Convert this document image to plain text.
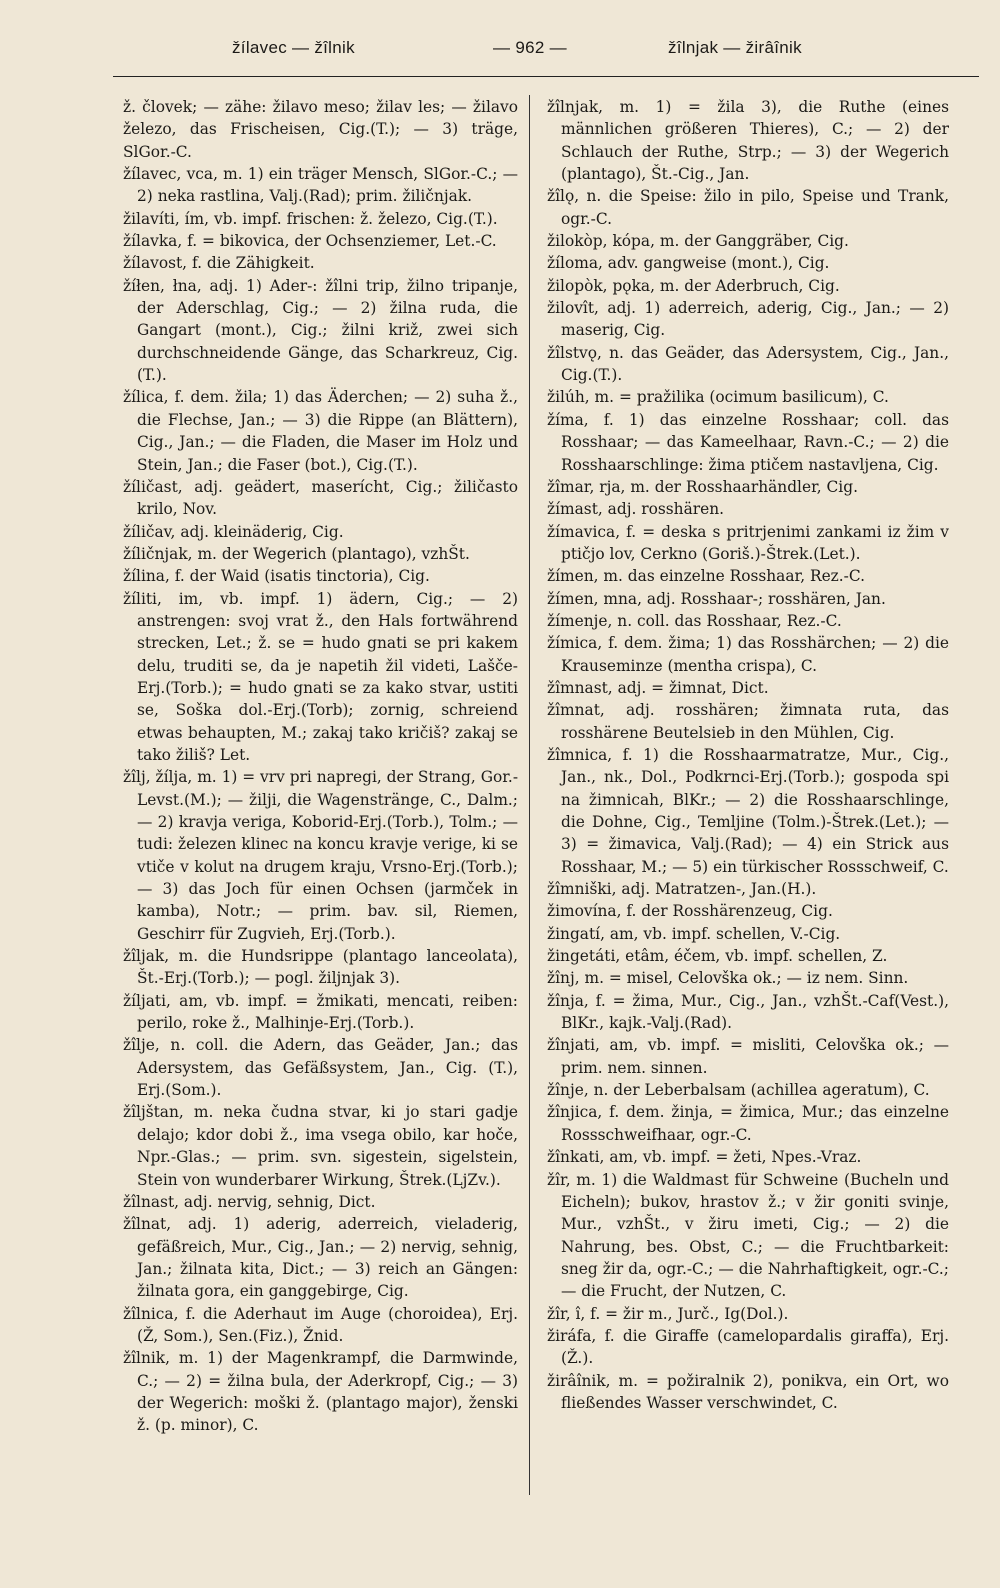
žílavec — žîlnik	— 962 —	žîlnjak — žirâînik

ž. človek; — zähe: žilavo meso; žilav les; — žilavo železo, das Frischeisen, Cig.(T.); — 3) träge, SlGor.-C.

žílavec, vca, m. 1) ein träger Mensch, SlGor.-C.; — 2) neka rastlina, Valj.(Rad); prim. žiličnjak.

žilavíti, ím, vb. impf. frischen: ž. železo, Cig.(T.).

žílavka, f. = bikovica, der Ochsenziemer, Let.-C.

žílavost, f. die Zähigkeit.

žíłen, łna, adj. 1) Ader-: žîlni trip, žilno tripanje, der Aderschlag, Cig.; — 2) žilna ruda, die Gangart (mont.), Cig.; žilni križ, zwei sich durchschneidende Gänge, das Scharkreuz, Cig.(T.).

žílica, f. dem. žila; 1) das Äderchen; — 2) suha ž., die Flechse, Jan.; — 3) die Rippe (an Blättern), Cig., Jan.; — die Fladen, die Maser im Holz und Stein, Jan.; die Faser (bot.), Cig.(T.).

žíličast, adj. geädert, maserícht, Cig.; žiličasto krilo, Nov.

žíličav, adj. kleinäderig, Cig.

žíličnjak, m. der Wegerich (plantago), vzhŠt.

žílina, f. der Waid (isatis tinctoria), Cig.

žíliti, im, vb. impf. 1) ädern, Cig.; — 2) anstrengen: svoj vrat ž., den Hals fortwährend strecken, Let.; ž. se = hudo gnati se pri kakem delu, truditi se, da je napetih žil videti, Lašče-Erj.(Torb.); = hudo gnati se za kako stvar, ustiti se, Soška dol.-Erj.(Torb); zornig, schreiend etwas behaupten, M.; zakaj tako kričiš? zakaj se tako žiliš? Let.

žîlj, žílja, m. 1) = vrv pri napregi, der Strang, Gor.-Levst.(M.); — žilji, die Wagenstränge, C., Dalm.; — 2) kravja veriga, Koborid-Erj.(Torb.), Tolm.; — tudi: železen klinec na koncu kravje verige, ki se vtiče v kolut na drugem kraju, Vrsno-Erj.(Torb.); — 3) das Joch für einen Ochsen (jarmček in kamba), Notr.; — prim. bav. sil, Riemen, Geschirr für Zugvieh, Erj.(Torb.).

žîljak, m. die Hundsrippe (plantago lanceolata), Št.-Erj.(Torb.); — pogl. žiljnjak 3).

žíljati, am, vb. impf. = žmikati, mencati, reiben: perilo, roke ž., Malhinje-Erj.(Torb.).

žîlje, n. coll. die Adern, das Geäder, Jan.; das Adersystem, das Gefäßsystem, Jan., Cig. (T.), Erj.(Som.).

žîljštan, m. neka čudna stvar, ki jo stari gadje delajo; kdor dobi ž., ima vsega obilo, kar hoče, Npr.-Glas.; — prim. svn. sigestein, sigelstein, Stein von wunderbarer Wirkung, Štrek.(LjZv.).

žîlnast, adj. nervig, sehnig, Dict.

žîlnat, adj. 1) aderig, aderreich, vieladerig, gefäßreich, Mur., Cig., Jan.; — 2) nervig, sehnig, Jan.; žilnata kita, Dict.; — 3) reich an Gängen: žilnata gora, ein ganggebirge, Cig.

žîlnica, f. die Aderhaut im Auge (choroidea), Erj.(Ž, Som.), Sen.(Fiz.), Žnid.

žîlnik, m. 1) der Magenkrampf, die Darmwinde, C.; — 2) = žilna bula, der Aderkropf, Cig.; — 3) der Wegerich: moški ž. (plantago major), ženski ž. (p. minor), C.

žîlnjak, m. 1) = žila 3), die Ruthe (eines männlichen größeren Thieres), C.; — 2) der Schlauch der Ruthe, Strp.; — 3) der Wegerich (plantago), Št.-Cig., Jan.

žîlǫ, n. die Speise: žilo in pilo, Speise und Trank, ogr.-C.

žilokòp, kópa, m. der Ganggräber, Cig.

žíloma, adv. gangweise (mont.), Cig.

žilopòk, pǫka, m. der Aderbruch, Cig.

žilovît, adj. 1) aderreich, aderig, Cig., Jan.; — 2) maserig, Cig.

žîlstvǫ, n. das Geäder, das Adersystem, Cig., Jan., Cig.(T.).

žilúh, m. = pražilika (ocimum basilicum), C.

žíma, f. 1) das einzelne Rosshaar; coll. das Rosshaar; — das Kameelhaar, Ravn.-C.; — 2) die Rosshaarschlinge: žima ptičem nastavljena, Cig.

žîmar, rja, m. der Rosshaarhändler, Cig.

žímast, adj. rosshären.

žímavica, f. = deska s pritrjenimi zankami iz žim v ptičjo lov, Cerkno (Goriš.)-Štrek.(Let.).

žímen, m. das einzelne Rosshaar, Rez.-C.

žímen, mna, adj. Rosshaar-; rosshären, Jan.

žímenje, n. coll. das Rosshaar, Rez.-C.

žímica, f. dem. žima; 1) das Rosshärchen; — 2) die Krauseminze (mentha crispa), C.

žîmnast, adj. = žimnat, Dict.

žîmnat, adj. rosshären; žimnata ruta, das rosshärene Beutelsieb in den Mühlen, Cig.

žîmnica, f. 1) die Rosshaarmatratze, Mur., Cig., Jan., nk., Dol., Podkrnci-Erj.(Torb.); gospoda spi na žimnicah, BlKr.; — 2) die Rosshaarschlinge, die Dohne, Cig., Temljine (Tolm.)-Štrek.(Let.); — 3) = žimavica, Valj.(Rad); — 4) ein Strick aus Rosshaar, M.; — 5) ein türkischer Rossschweif, C.

žîmniški, adj. Matratzen-, Jan.(H.).

žimovína, f. der Rosshärenzeug, Cig.

žingatí, am, vb. impf. schellen, V.-Cig.

žingetáti, etâm, éčem, vb. impf. schellen, Z.

žînj, m. = misel, Celovška ok.; — iz nem. Sinn.

žînja, f. = žima, Mur., Cig., Jan., vzhŠt.-Caf(Vest.), BlKr., kajk.-Valj.(Rad).

žînjati, am, vb. impf. = misliti, Celovška ok.; — prim. nem. sinnen.

žînje, n. der Leberbalsam (achillea ageratum), C.

žînjica, f. dem. žinja, = žimica, Mur.; das einzelne Rossschweifhaar, ogr.-C.

žînkati, am, vb. impf. = žeti, Npes.-Vraz.

žîr, m. 1) die Waldmast für Schweine (Bucheln und Eicheln); bukov, hrastov ž.; v žir goniti svinje, Mur., vzhŠt., v žiru imeti, Cig.; — 2) die Nahrung, bes. Obst, C.; — die Fruchtbarkeit: sneg žir da, ogr.-C.; — die Nahrhaftigkeit, ogr.-C.; — die Frucht, der Nutzen, C.

žîr, î, f. = žir m., Jurč., Ig(Dol.).

žiráfa, f. die Giraffe (camelopardalis giraffa), Erj.(Ž.).

žirâînik, m. = požiralnik 2), ponikva, ein Ort, wo fließendes Wasser verschwindet, C.
